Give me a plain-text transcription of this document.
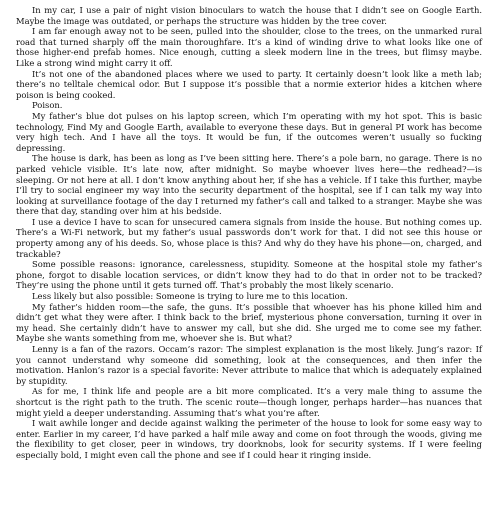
In my car, I use a pair of night vision binoculars to watch the house that I didn’t see on Google Earth. Maybe the image was outdated, or perhaps the structure was hidden by the tree cover.

I am far enough away not to be seen, pulled into the shoulder, close to the trees, on the unmarked rural road that turned sharply off the main thoroughfare. It’s a kind of winding drive to what looks like one of those higher-end prefab homes. Nice enough, cutting a sleek modern line in the trees, but flimsy maybe. Like a strong wind might carry it off.

It’s not one of the abandoned places where we used to party. It certainly doesn’t look like a meth lab; there’s no telltale chemical odor. But I suppose it’s possible that a normie exterior hides a kitchen where poison is being cooked.

Poison.

My father’s blue dot pulses on his laptop screen, which I’m operating with my hot spot. This is basic technology, Find My and Google Earth, available to everyone these days. But in general PI work has become very high tech. And I have all the toys. It would be fun, if the outcomes weren’t usually so fucking depressing.

The house is dark, has been as long as I’ve been sitting here. There’s a pole barn, no garage. There is no parked vehicle visible. It’s late now, after midnight. So maybe whoever lives here—the redhead?—is sleeping. Or not here at all. I don’t know anything about her, if she has a vehicle. If I take this further, maybe I’ll try to social engineer my way into the security department of the hospital, see if I can talk my way into looking at surveillance footage of the day I returned my father’s call and talked to a stranger. Maybe she was there that day, standing over him at his bedside.

I use a device I have to scan for unsecured camera signals from inside the house. But nothing comes up. There’s a Wi-Fi network, but my father’s usual passwords don’t work for that. I did not see this house or property among any of his deeds. So, whose place is this? And why do they have his phone—on, charged, and trackable?

Some possible reasons: ignorance, carelessness, stupidity. Someone at the hospital stole my father’s phone, forgot to disable location services, or didn’t know they had to do that in order not to be tracked? They’re using the phone until it gets turned off. That’s probably the most likely scenario.

Less likely but also possible: Someone is trying to lure me to this location.

My father’s hidden room—the safe, the guns. It’s possible that whoever has his phone killed him and didn’t get what they were after. I think back to the brief, mysterious phone conversation, turning it over in my head. She certainly didn’t have to answer my call, but she did. She urged me to come see my father. Maybe she wants something from me, whoever she is. But what?

Lenny is a fan of the razors. Occam’s razor: The simplest explanation is the most likely. Jung’s razor: If you cannot understand why someone did something, look at the consequences, and then infer the motivation. Hanlon’s razor is a special favorite: Never attribute to malice that which is adequately explained by stupidity.

As for me, I think life and people are a bit more complicated. It’s a very male thing to assume the shortcut is the right path to the truth. The scenic route—though longer, perhaps harder—has nuances that might yield a deeper understanding. Assuming that’s what you’re after.

I wait awhile longer and decide against walking the perimeter of the house to look for some easy way to enter. Earlier in my career, I’d have parked a half mile away and come on foot through the woods, giving me the flexibility to get closer, peer in windows, try doorknobs, look for security systems. If I were feeling especially bold, I might even call the phone and see if I could hear it ringing inside.
